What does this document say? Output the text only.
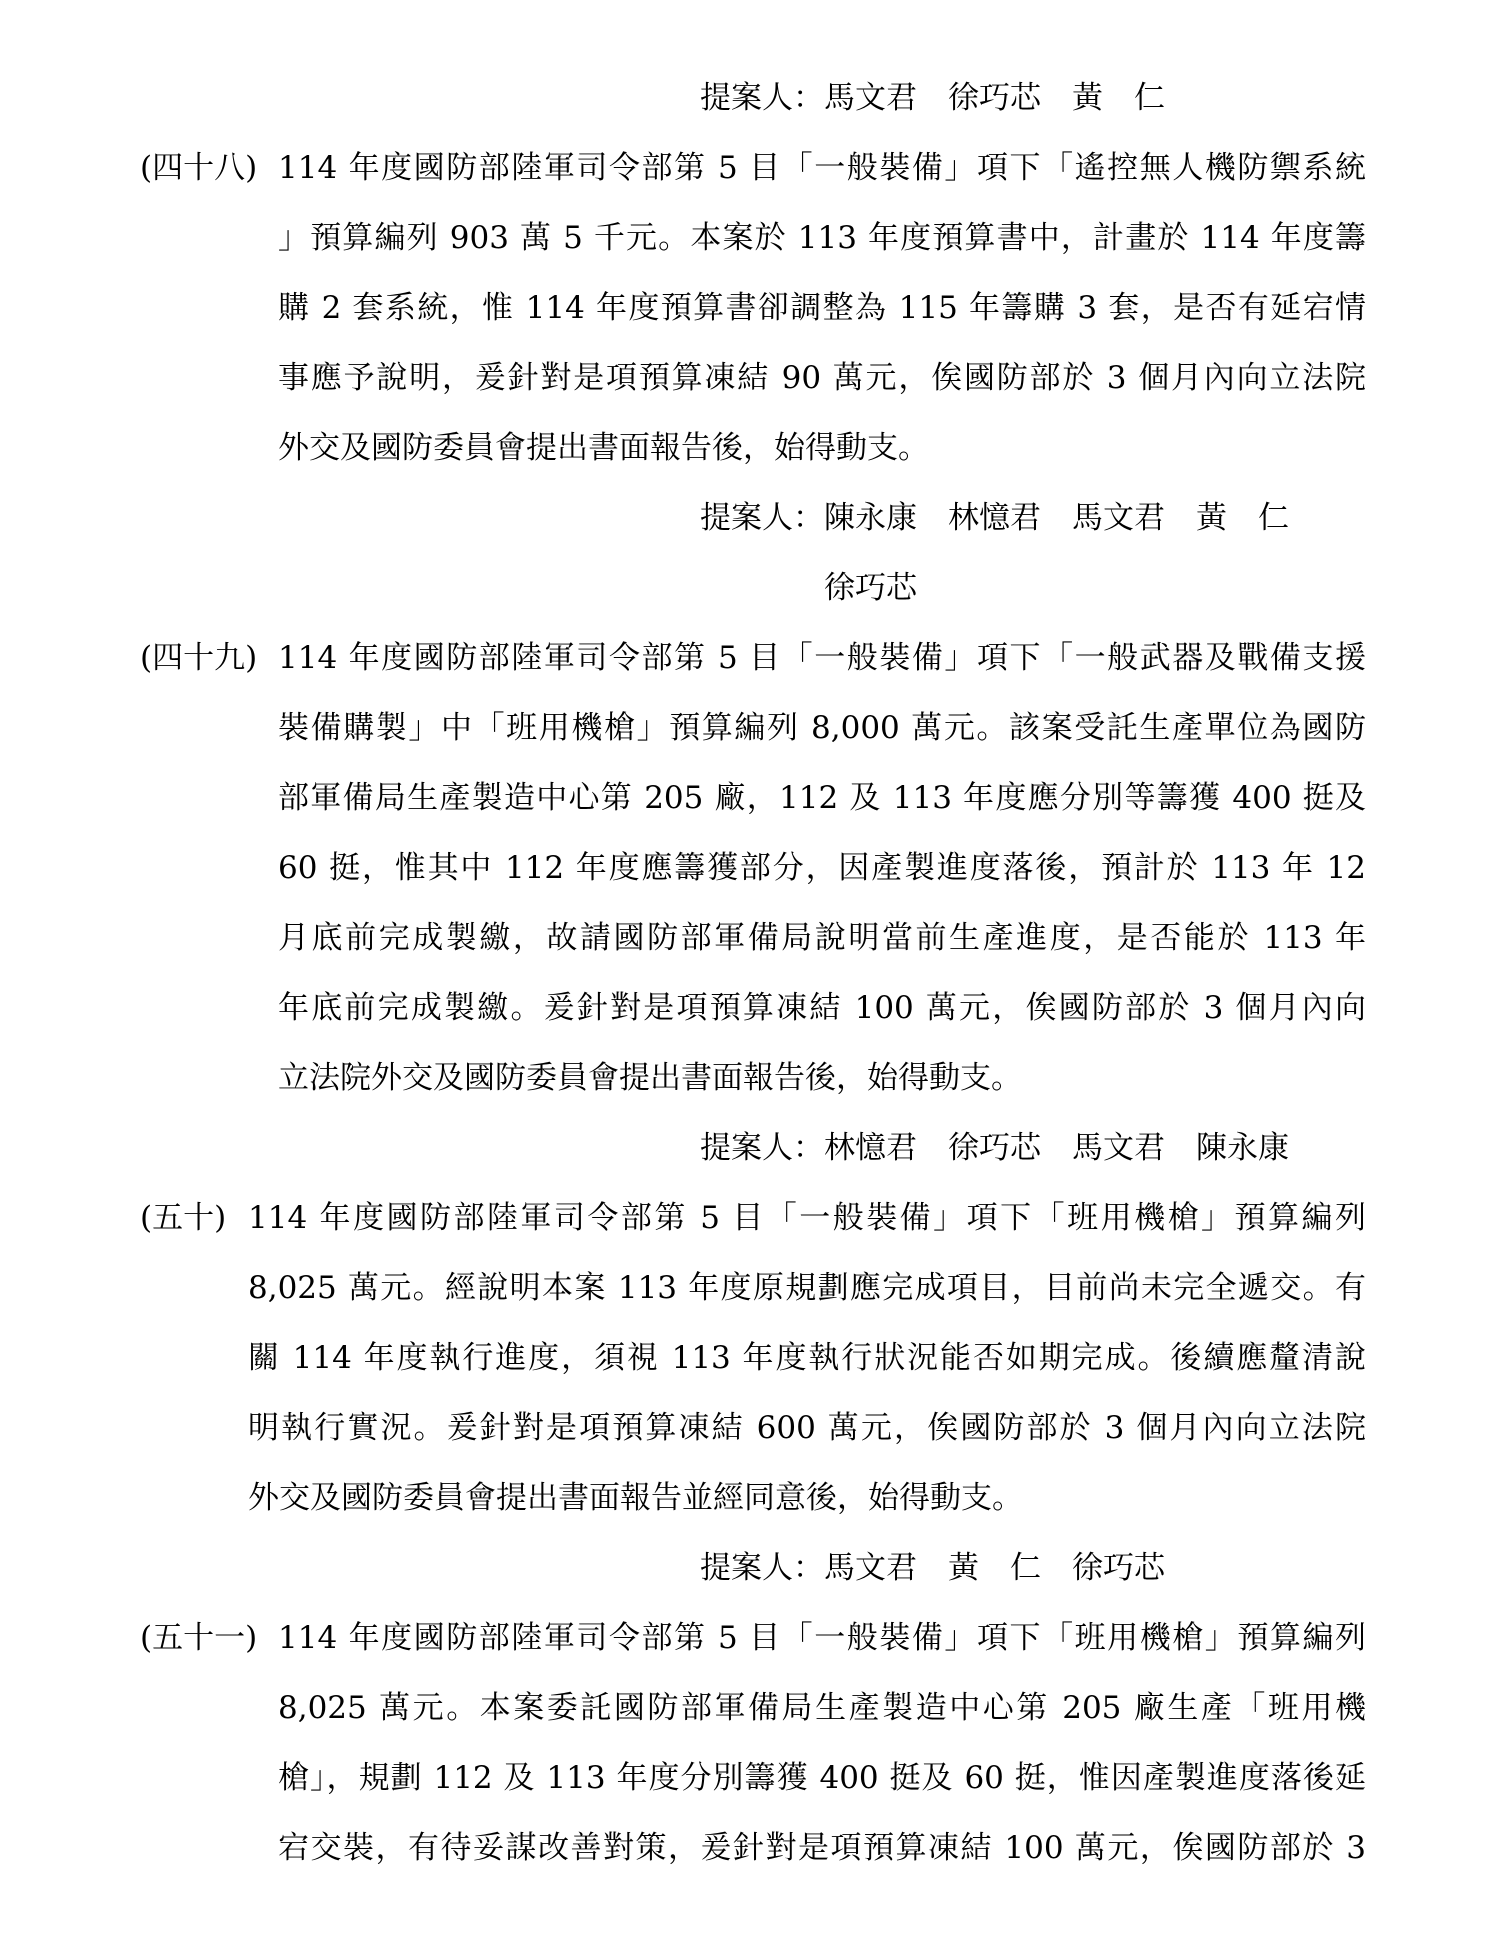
提案人：馬文君　徐巧芯　黃　仁
(四十八) 114 年度國防部陸軍司令部第 5 目「一般裝備」項下「遙控無人機防禦系統
」預算編列 903 萬 5 千元。本案於 113 年度預算書中，計畫於 114 年度籌
購 2 套系統，惟 114 年度預算書卻調整為 115 年籌購 3 套，是否有延宕情
事應予說明，爰針對是項預算凍結 90 萬元，俟國防部於 3 個月內向立法院
外交及國防委員會提出書面報告後，始得動支。
提案人：陳永康　林憶君　馬文君　黃　仁
　　　　徐巧芯
(四十九) 114 年度國防部陸軍司令部第 5 目「一般裝備」項下「一般武器及戰備支援
裝備購製」中「班用機槍」預算編列 8,000 萬元。該案受託生產單位為國防
部軍備局生產製造中心第 205 廠，112 及 113 年度應分別等籌獲 400 挺及
60 挺，惟其中 112 年度應籌獲部分，因產製進度落後，預計於 113 年 12
月底前完成製繳，故請國防部軍備局說明當前生產進度，是否能於 113 年
年底前完成製繳。爰針對是項預算凍結 100 萬元，俟國防部於 3 個月內向
立法院外交及國防委員會提出書面報告後，始得動支。
提案人：林憶君　徐巧芯　馬文君　陳永康
(五十) 114 年度國防部陸軍司令部第 5 目「一般裝備」項下「班用機槍」預算編列
8,025 萬元。經說明本案 113 年度原規劃應完成項目，目前尚未完全遞交。有
關 114 年度執行進度，須視 113 年度執行狀況能否如期完成。後續應釐清說
明執行實況。爰針對是項預算凍結 600 萬元，俟國防部於 3 個月內向立法院
外交及國防委員會提出書面報告並經同意後，始得動支。
提案人：馬文君　黃　仁　徐巧芯
(五十一) 114 年度國防部陸軍司令部第 5 目「一般裝備」項下「班用機槍」預算編列
8,025 萬元。本案委託國防部軍備局生產製造中心第 205 廠生產「班用機
槍」，規劃 112 及 113 年度分別籌獲 400 挺及 60 挺，惟因產製進度落後延
宕交裝，有待妥謀改善對策，爰針對是項預算凍結 100 萬元，俟國防部於 3
